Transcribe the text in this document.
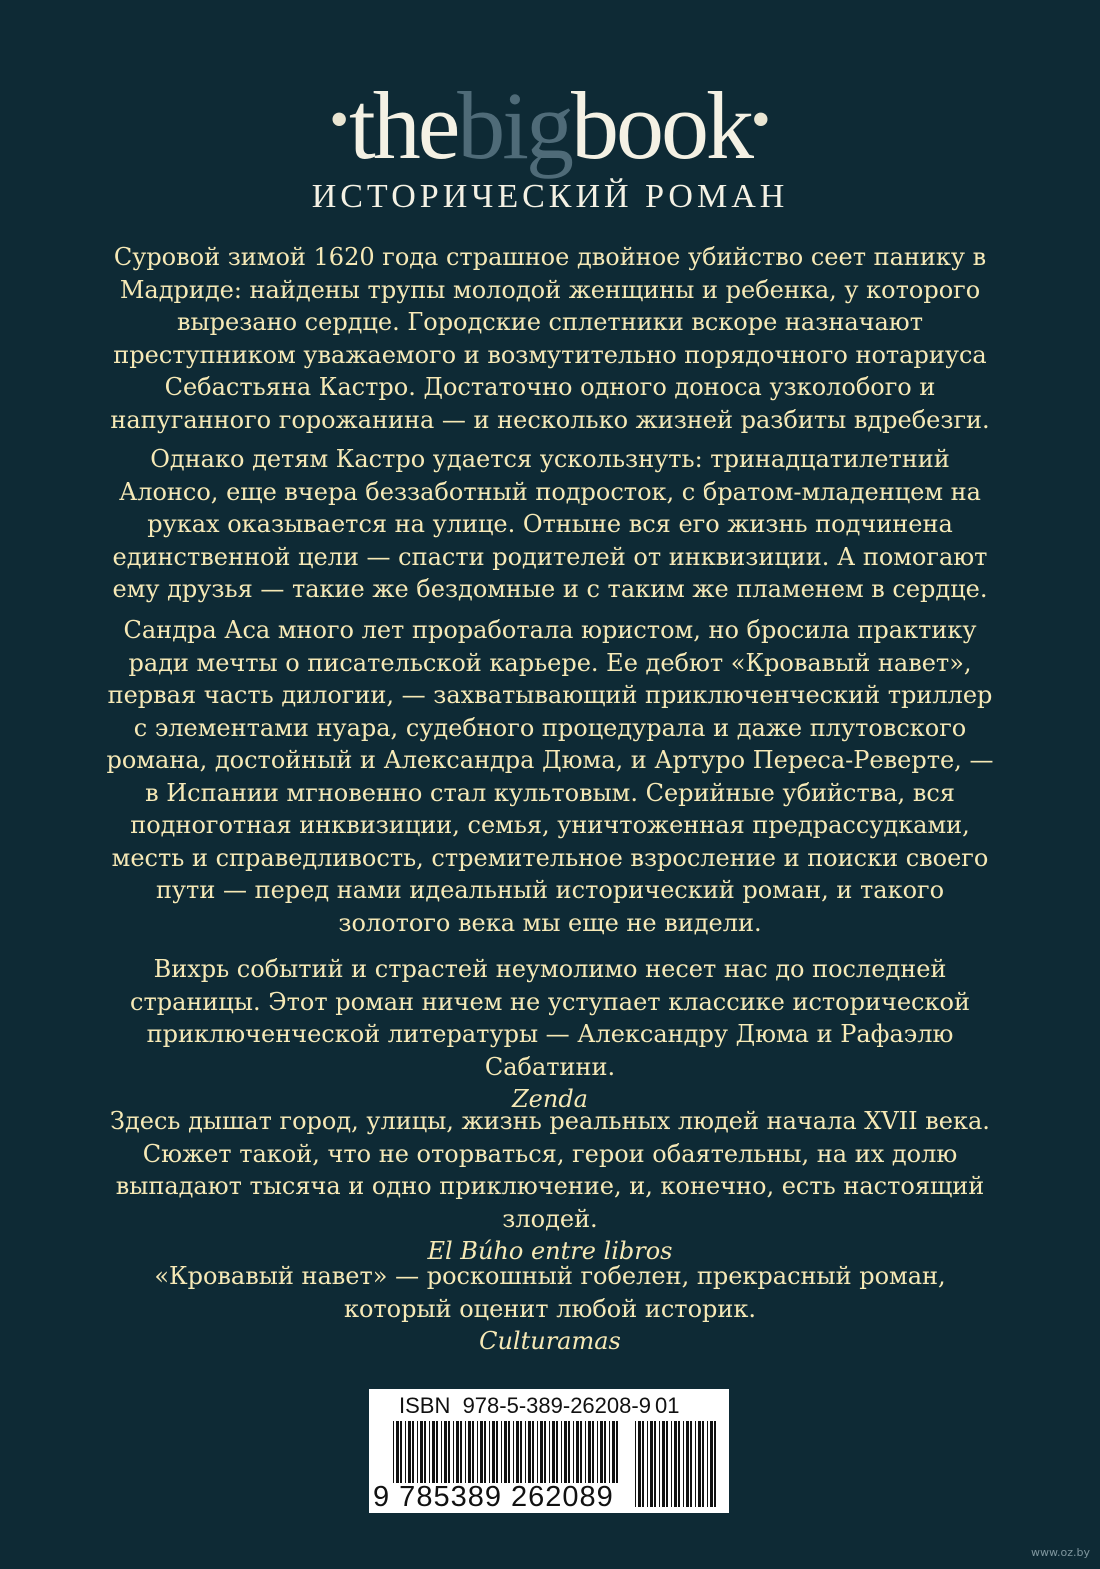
•thebigbook•
ИСТОРИЧЕСКИЙ РОМАН

Суровой зимой 1620 года страшное двойное убийство сеет панику в Мадриде: найдены трупы молодой женщины и ребенка, у которого вырезано сердце. Городские сплетники вскоре назначают преступником уважаемого и возмутительно порядочного нотариуса Себастьяна Кастро. Достаточно одного доноса узколобого и напуганного горожанина — и несколько жизней разбиты вдребезги.

Однако детям Кастро удается ускользнуть: тринадцатилетний Алонсо, еще вчера беззаботный подросток, с братом-младенцем на руках оказывается на улице. Отныне вся его жизнь подчинена единственной цели — спасти родителей от инквизиции. А помогают ему друзья — такие же бездомные и с таким же пламенем в сердце.

Сандра Аса много лет проработала юристом, но бросила практику ради мечты о писательской карьере. Ее дебют «Кровавый навет», первая часть дилогии, — захватывающий приключенческий триллер с элементами нуара, судебного процедурала и даже плутовского романа, достойный и Александра Дюма, и Артуро Переса-Реверте, — в Испании мгновенно стал культовым. Серийные убийства, вся подноготная инквизиции, семья, уничтоженная предрассудками, месть и справедливость, стремительное взросление и поиски своего пути — перед нами идеальный исторический роман, и такого золотого века мы еще не видели.

Вихрь событий и страстей неумолимо несет нас до последней страницы. Этот роман ничем не уступает классике исторической приключенческой литературы — Александру Дюма и Рафаэлю Сабатини.

Zenda

Здесь дышат город, улицы, жизнь реальных людей начала XVII века. Сюжет такой, что не оторваться, герои обаятельны, на их долю выпадают тысяча и одно приключение, и, конечно, есть настоящий злодей.

El Búho entre libros

«Кровавый навет» — роскошный гобелен, прекрасный роман, который оценит любой историк.

Culturamas

ISBN  978-5-389-26208-9 01
9 785389 262089
www.oz.by
